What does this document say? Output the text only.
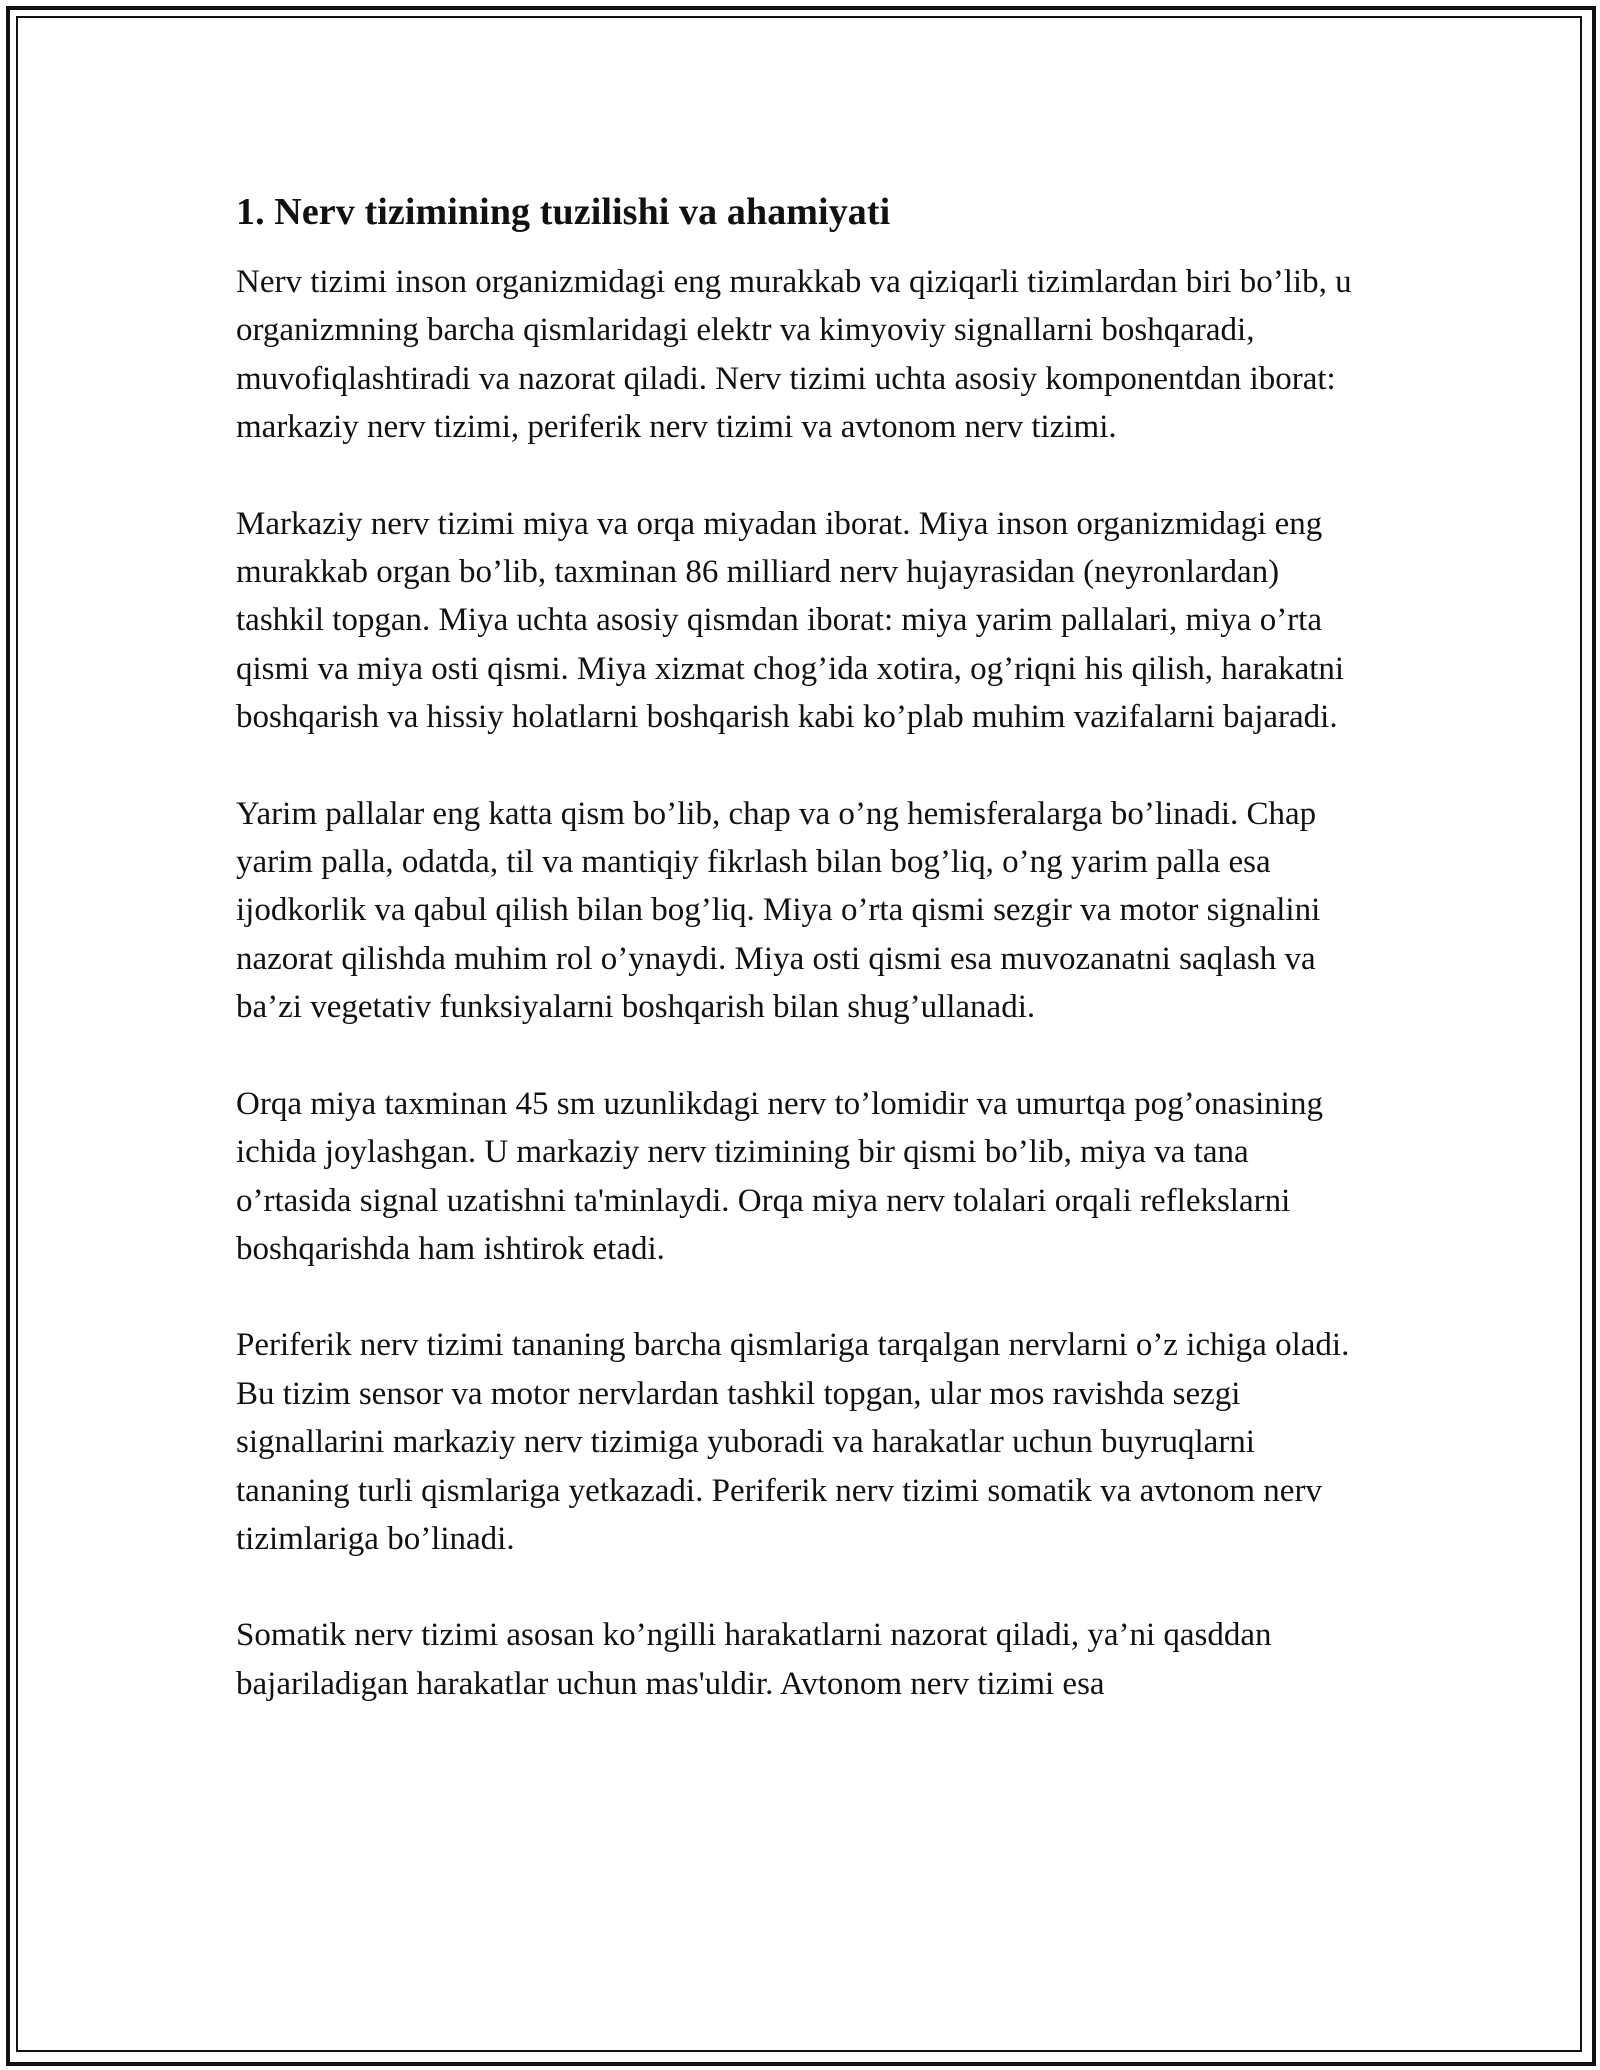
1. Nerv tizimining tuzilishi va ahamiyati

Nerv tizimi inson organizmidagi eng murakkab va qiziqarli tizimlardan biri bo’lib, u organizmning barcha qismlaridagi elektr va kimyoviy signallarni boshqaradi, muvofiqlashtiradi va nazorat qiladi. Nerv tizimi uchta asosiy komponentdan iborat: markaziy nerv tizimi, periferik nerv tizimi va avtonom nerv tizimi.

Markaziy nerv tizimi miya va orqa miyadan iborat. Miya inson organizmidagi eng murakkab organ bo’lib, taxminan 86 milliard nerv hujayrasidan (neyronlardan) tashkil topgan. Miya uchta asosiy qismdan iborat: miya yarim pallalari, miya o’rta qismi va miya osti qismi. Miya xizmat chog’ida xotira, og’riqni his qilish, harakatni boshqarish va hissiy holatlarni boshqarish kabi ko’plab muhim vazifalarni bajaradi.

Yarim pallalar eng katta qism bo’lib, chap va o’ng hemisferalarga bo’linadi. Chap yarim palla, odatda, til va mantiqiy fikrlash bilan bog’liq, o’ng yarim palla esa ijodkorlik va qabul qilish bilan bog’liq. Miya o’rta qismi sezgir va motor signalini nazorat qilishda muhim rol o’ynaydi. Miya osti qismi esa muvozanatni saqlash va ba’zi vegetativ funksiyalarni boshqarish bilan shug’ullanadi.

Orqa miya taxminan 45 sm uzunlikdagi nerv to’lomidir va umurtqa pog’onasining ichida joylashgan. U markaziy nerv tizimining bir qismi bo’lib, miya va tana o’rtasida signal uzatishni ta'minlaydi. Orqa miya nerv tolalari orqali reflekslarni boshqarishda ham ishtirok etadi.

Periferik nerv tizimi tananing barcha qismlariga tarqalgan nervlarni o’z ichiga oladi. Bu tizim sensor va motor nervlardan tashkil topgan, ular mos ravishda sezgi signallarini markaziy nerv tizimiga yuboradi va harakatlar uchun buyruqlarni tananing turli qismlariga yetkazadi. Periferik nerv tizimi somatik va avtonom nerv tizimlariga bo’linadi.

Somatik nerv tizimi asosan ko’ngilli harakatlarni nazorat qiladi, ya’ni qasddan bajariladigan harakatlar uchun mas'uldir. Avtonom nerv tizimi esa
